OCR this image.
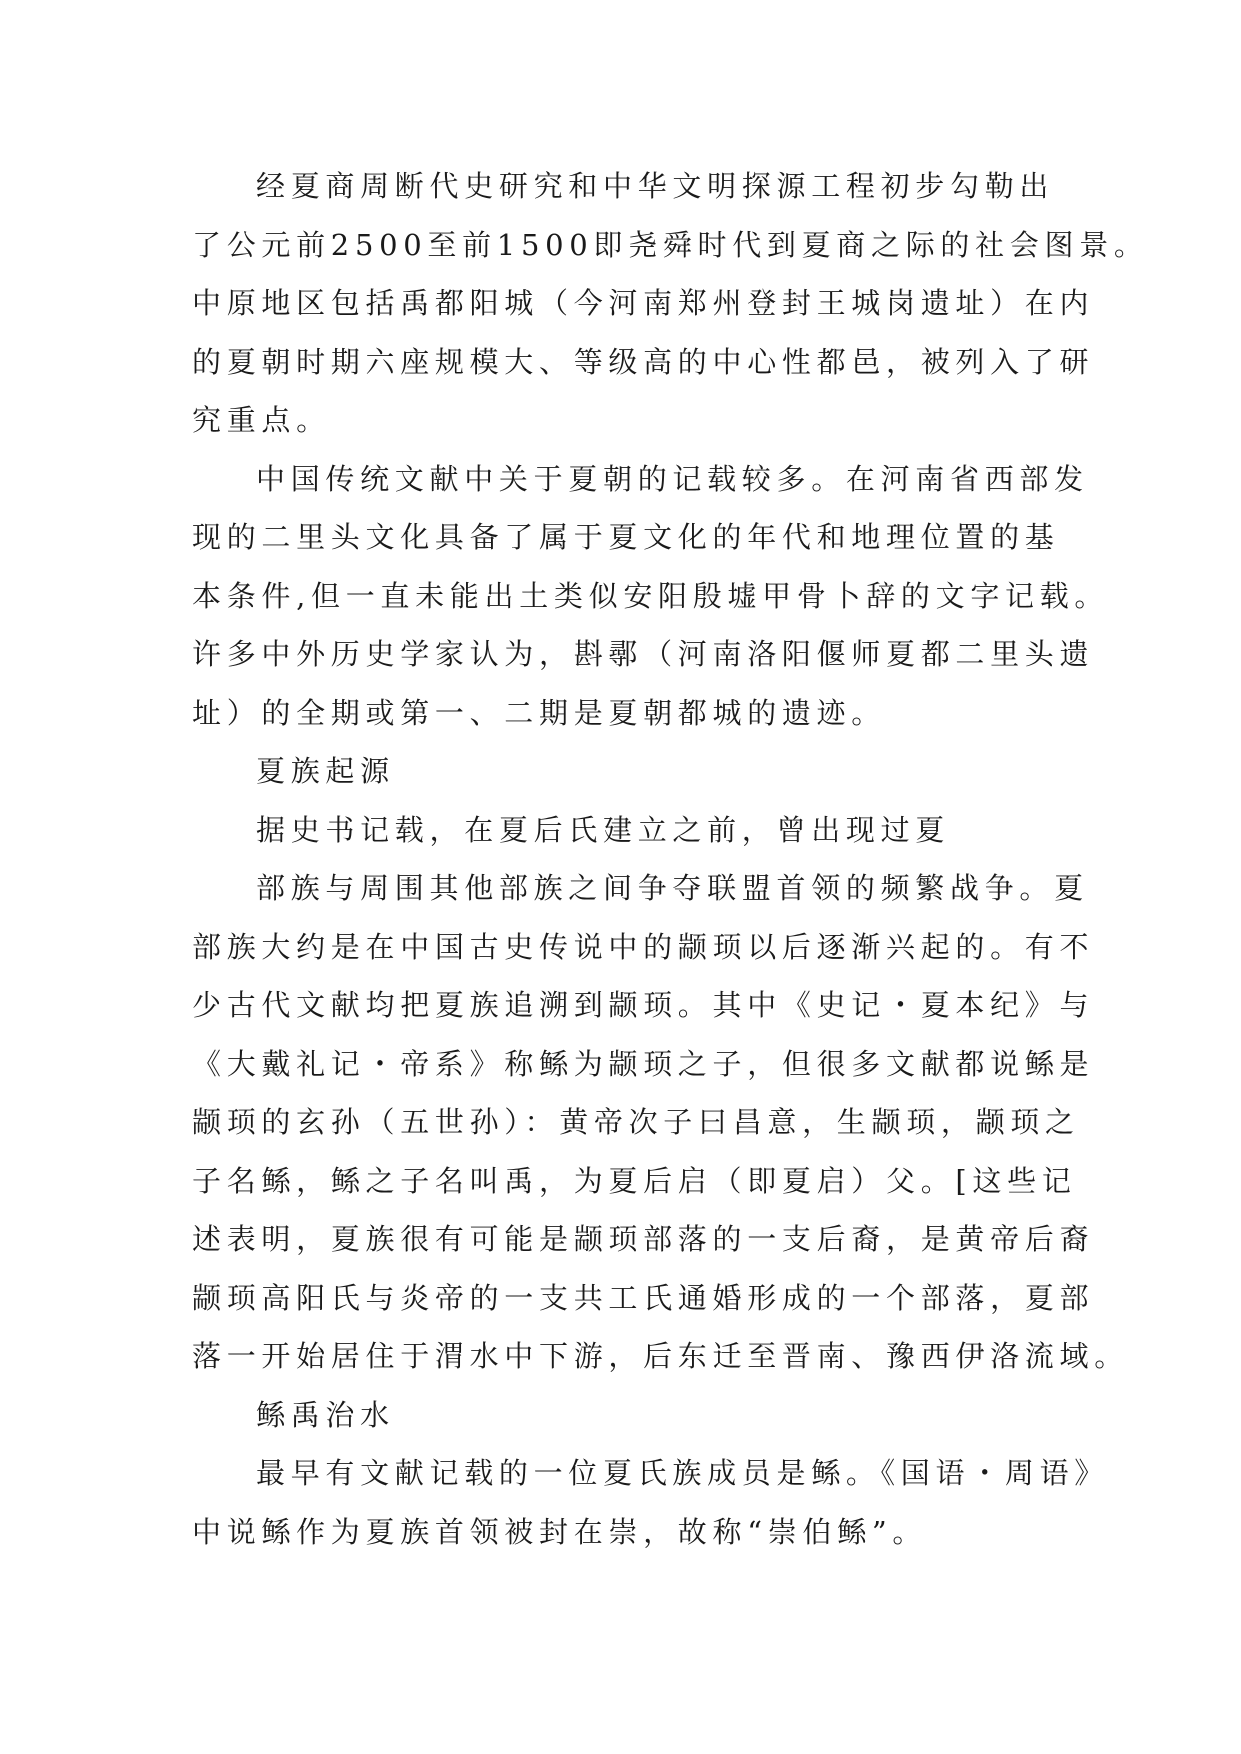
经夏商周断代史研究和中华文明探源工程初步勾勒出
了公元前2500至前1500即尧舜时代到夏商之际的社会图景。
中原地区包括禹都阳城（今河南郑州登封王城岗遗址）在内
的夏朝时期六座规模大、等级高的中心性都邑，被列入了研
究重点。
中国传统文献中关于夏朝的记载较多。在河南省西部发
现的二里头文化具备了属于夏文化的年代和地理位置的基
本条件,但一直未能出土类似安阳殷墟甲骨卜辞的文字记载。
许多中外历史学家认为，斟鄩（河南洛阳偃师夏都二里头遗
址）的全期或第一、二期是夏朝都城的遗迹。
夏族起源
据史书记载，在夏后氏建立之前，曾出现过夏
部族与周围其他部族之间争夺联盟首领的频繁战争。夏
部族大约是在中国古史传说中的颛顼以后逐渐兴起的。有不
少古代文献均把夏族追溯到颛顼。其中《史记・夏本纪》与
《大戴礼记・帝系》称鲧为颛顼之子，但很多文献都说鲧是
颛顼的玄孙（五世孙）：黄帝次子曰昌意，生颛顼，颛顼之
子名鲧，鲧之子名叫禹，为夏后启（即夏启）父。[这些记
述表明，夏族很有可能是颛顼部落的一支后裔，是黄帝后裔
颛顼高阳氏与炎帝的一支共工氏通婚形成的一个部落，夏部
落一开始居住于渭水中下游，后东迁至晋南、豫西伊洛流域。
鲧禹治水
最早有文献记载的一位夏氏族成员是鲧。《国语・周语》
中说鲧作为夏族首领被封在崇，故称“崇伯鲧”。
